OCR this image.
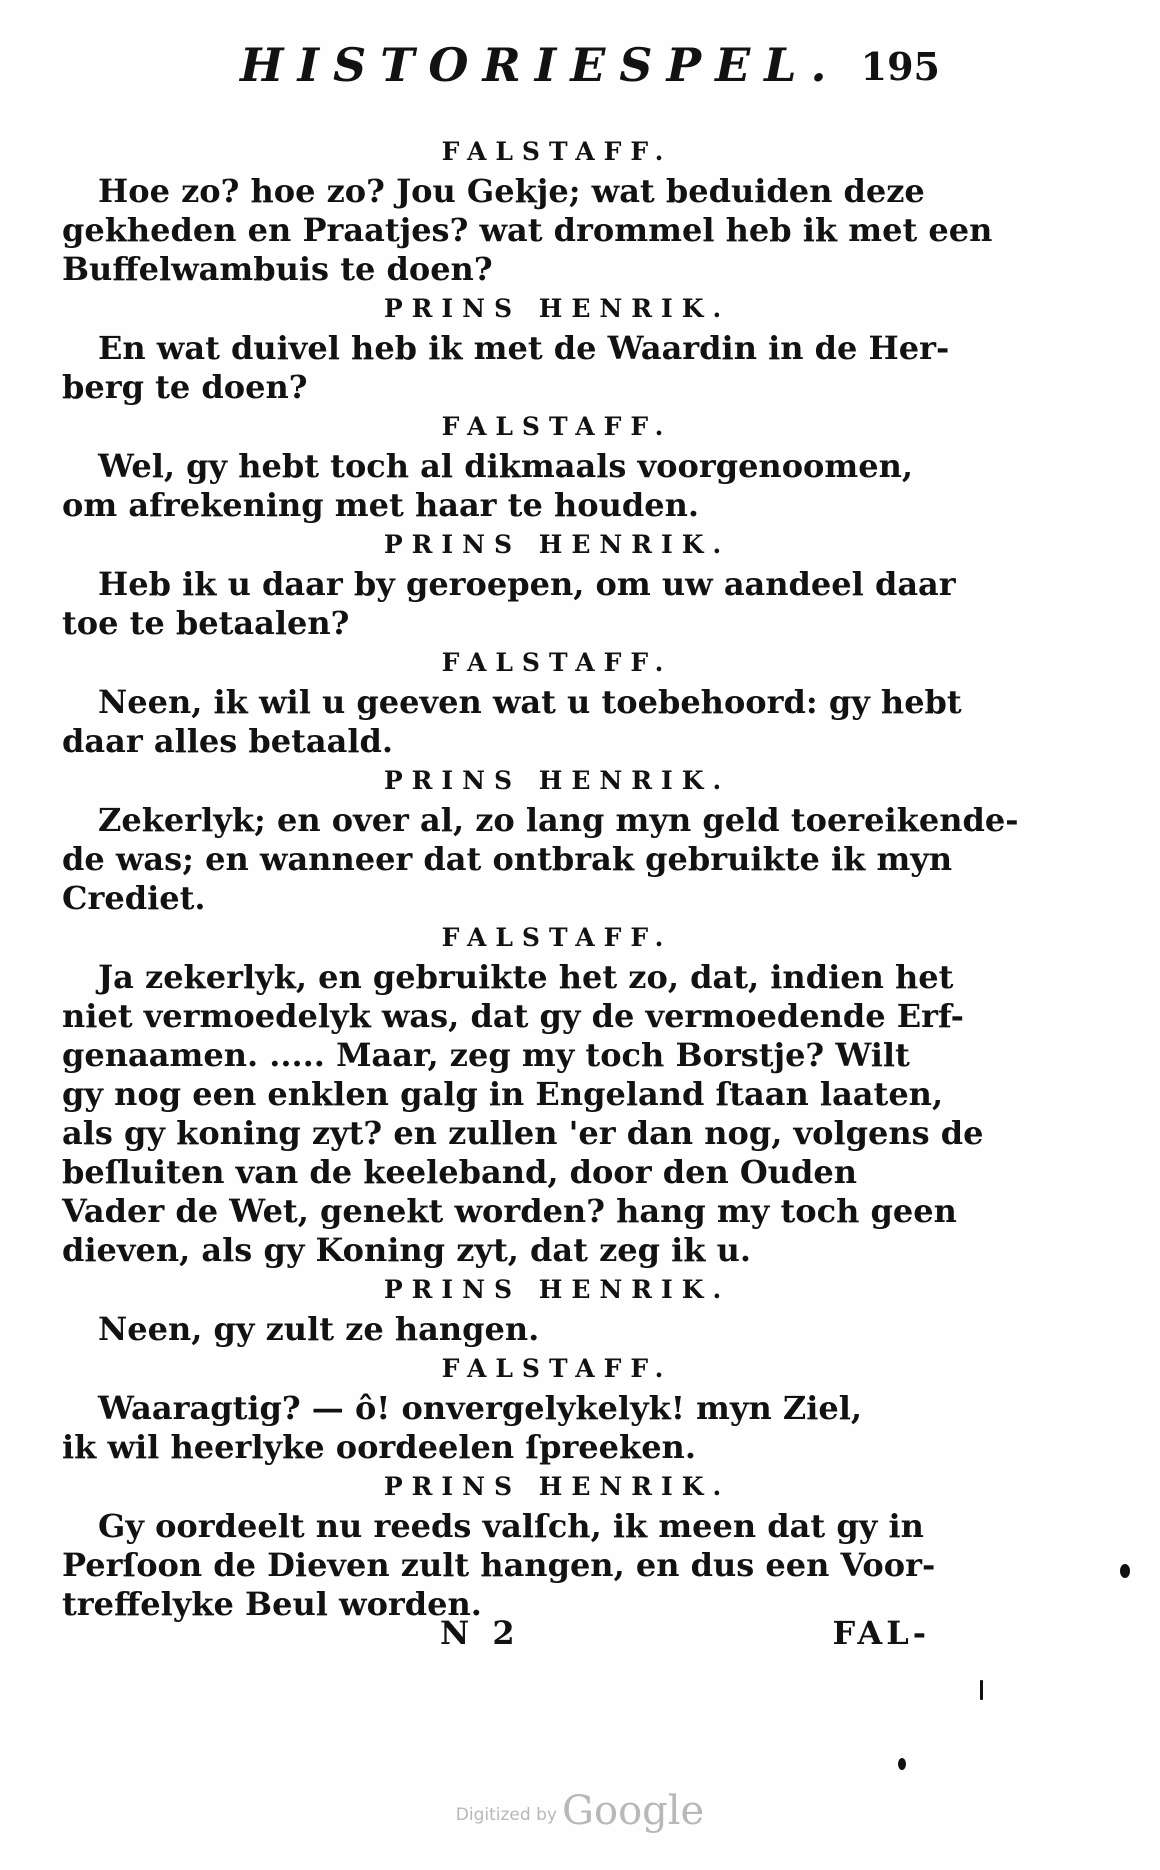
HISTORIESPEL. 195
FALSTAFF.
Hoe zo? hoe zo? Jou Gekje; wat beduiden deze
gekheden en Praatjes? wat drommel heb ik met een
Buffelwambuis te doen?
PRINS HENRIK.
En wat duivel heb ik met de Waardin in de Her-
berg te doen?
FALSTAFF.
Wel, gy hebt toch al dikmaals voorgenoomen,
om afrekening met haar te houden.
PRINS HENRIK.
Heb ik u daar by geroepen, om uw aandeel daar
toe te betaalen?
FALSTAFF.
Neen, ik wil u geeven wat u toebehoord: gy hebt
daar alles betaald.
PRINS HENRIK.
Zekerlyk; en over al, zo lang myn geld toereikende-
de was; en wanneer dat ontbrak gebruikte ik myn
Crediet.
FALSTAFF.
Ja zekerlyk, en gebruikte het zo, dat, indien het
niet vermoedelyk was, dat gy de vermoedende Erf-
genaamen. ..... Maar, zeg my toch Borstje? Wilt
gy nog een enklen galg in Engeland ſtaan laaten,
als gy koning zyt? en zullen 'er dan nog, volgens de
beſluiten van de keeleband, door den Ouden
Vader de Wet, genekt worden? hang my toch geen
dieven, als gy Koning zyt, dat zeg ik u.
PRINS HENRIK.
Neen, gy zult ze hangen.
FALSTAFF.
Waaragtig? — ô! onvergelykelyk! myn Ziel,
ik wil heerlyke oordeelen ſpreeken.
PRINS HENRIK.
Gy oordeelt nu reeds valſch, ik meen dat gy in
Perſoon de Dieven zult hangen, en dus een Voor-
treffelyke Beul worden.
N 2	FAL-
Digitized by Google
